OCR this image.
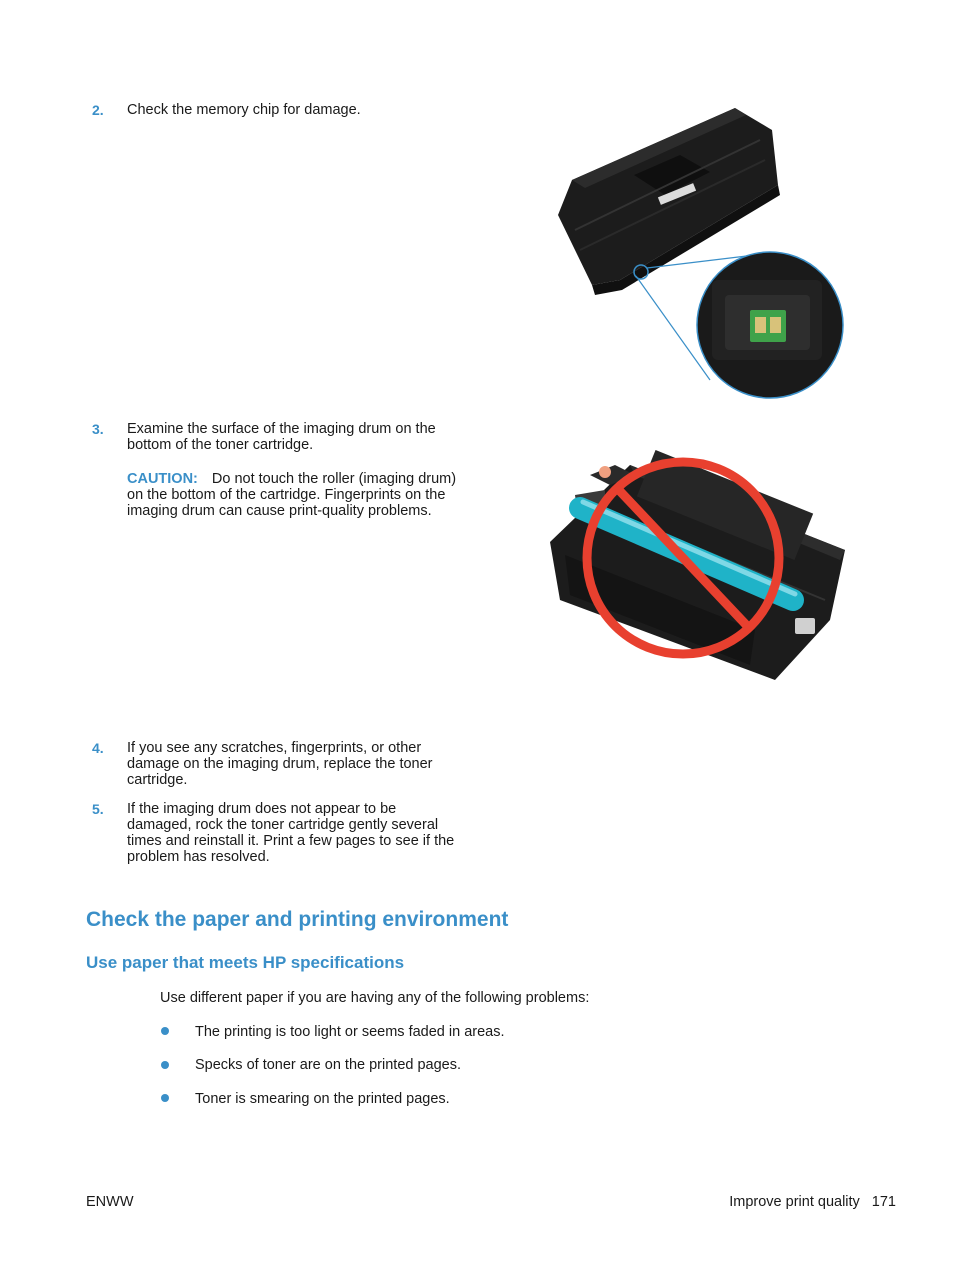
2. Check the memory chip for damage.
3. Examine the surface of the imaging drum on the bottom of the toner cartridge.
CAUTION: Do not touch the roller (imaging drum) on the bottom of the cartridge. Fingerprints on the imaging drum can cause print-quality problems.
4. If you see any scratches, fingerprints, or other damage on the imaging drum, replace the toner cartridge.
5. If the imaging drum does not appear to be damaged, rock the toner cartridge gently several times and reinstall it. Print a few pages to see if the problem has resolved.
Check the paper and printing environment
Use paper that meets HP specifications
Use different paper if you are having any of the following problems:
The printing is too light or seems faded in areas.
Specks of toner are on the printed pages.
Toner is smearing on the printed pages.
ENWW	Improve print quality 171
